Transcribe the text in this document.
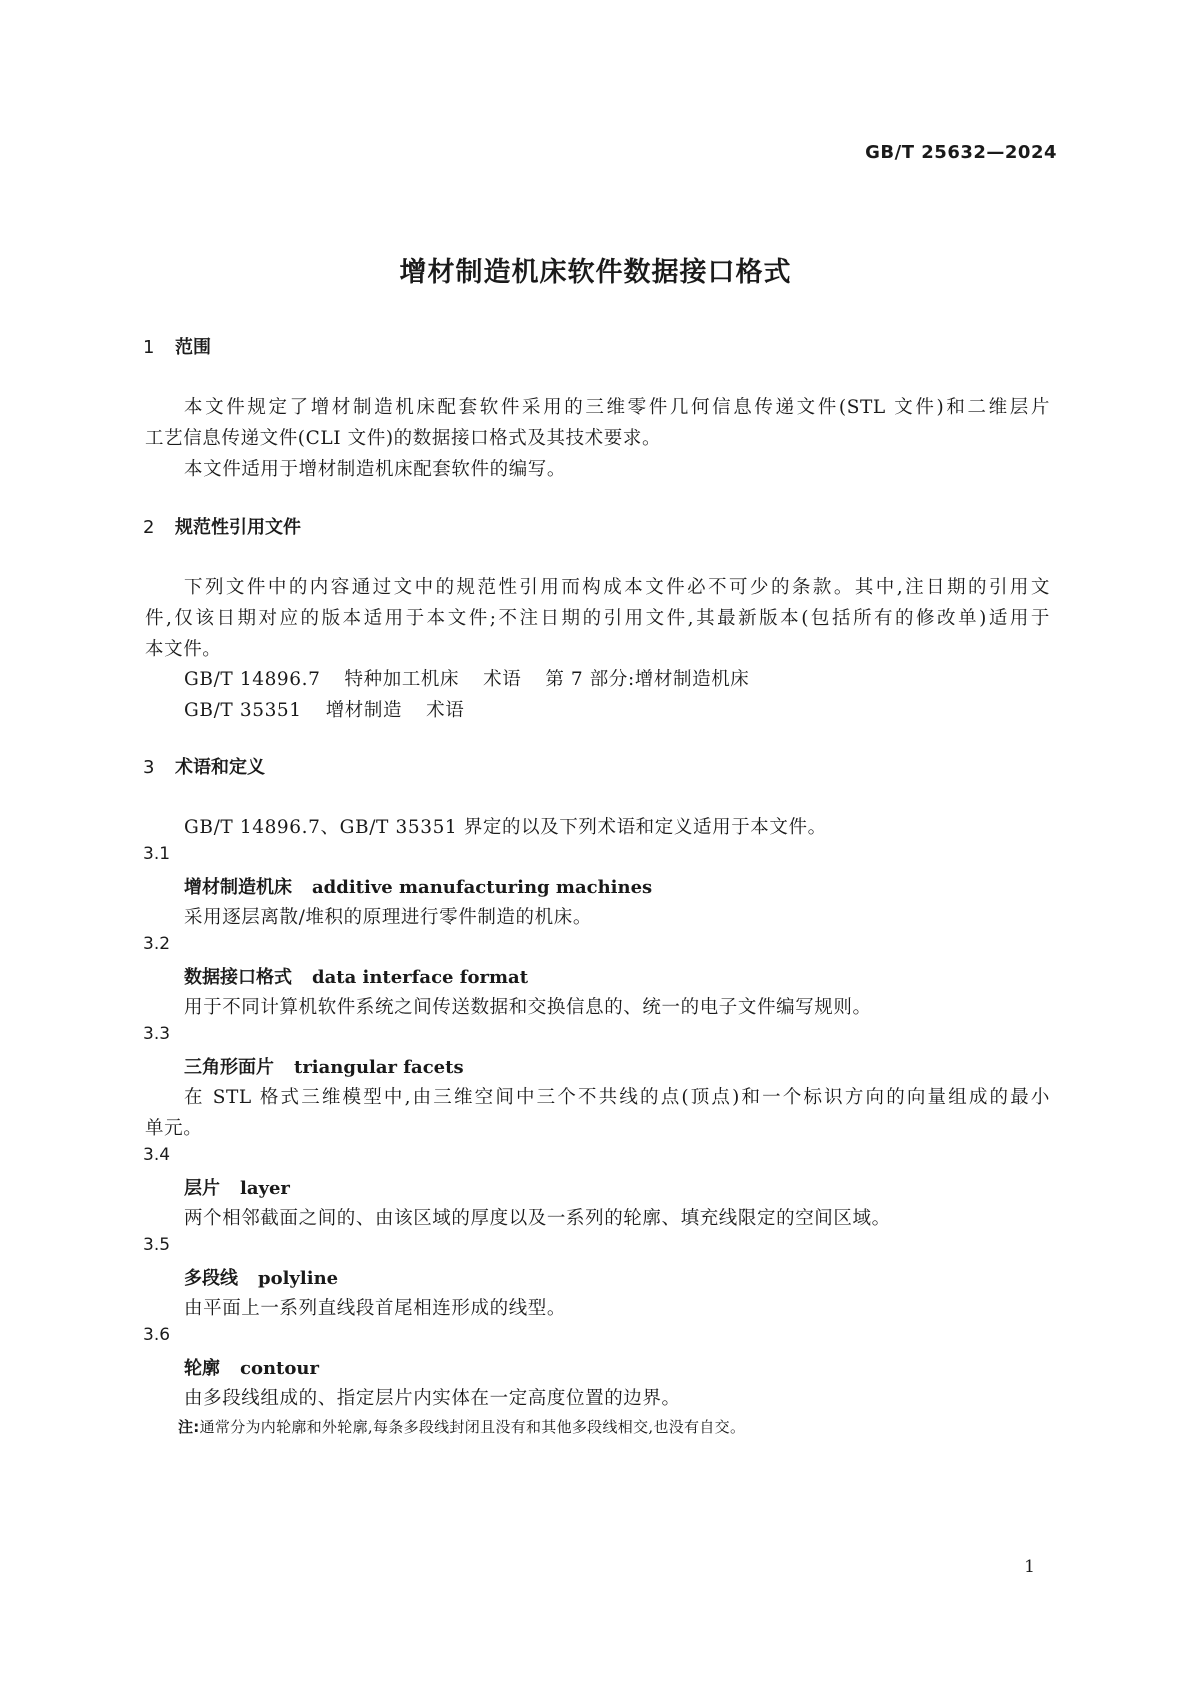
GB/T 25632—2024
增材制造机床软件数据接口格式
1 范围
本文件规定了增材制造机床配套软件采用的三维零件几何信息传递文件(STL 文件)和二维层片
工艺信息传递文件(CLI 文件)的数据接口格式及其技术要求。
本文件适用于增材制造机床配套软件的编写。
2 规范性引用文件
下列文件中的内容通过文中的规范性引用而构成本文件必不可少的条款。其中,注日期的引用文
件,仅该日期对应的版本适用于本文件;不注日期的引用文件,其最新版本(包括所有的修改单)适用于
本文件。
GB/T 14896.7 特种加工机床 术语 第 7 部分:增材制造机床
GB/T 35351 增材制造 术语
3 术语和定义
GB/T 14896.7、GB/T 35351 界定的以及下列术语和定义适用于本文件。
3.1
增材制造机床 additive manufacturing machines
采用逐层离散/堆积的原理进行零件制造的机床。
3.2
数据接口格式 data interface format
用于不同计算机软件系统之间传送数据和交换信息的、统一的电子文件编写规则。
3.3
三角形面片 triangular facets
在 STL 格式三维模型中,由三维空间中三个不共线的点(顶点)和一个标识方向的向量组成的最小
单元。
3.4
层片 layer
两个相邻截面之间的、由该区域的厚度以及一系列的轮廓、填充线限定的空间区域。
3.5
多段线 polyline
由平面上一系列直线段首尾相连形成的线型。
3.6
轮廓 contour
由多段线组成的、指定层片内实体在一定高度位置的边界。
注:通常分为内轮廓和外轮廓,每条多段线封闭且没有和其他多段线相交,也没有自交。
1
